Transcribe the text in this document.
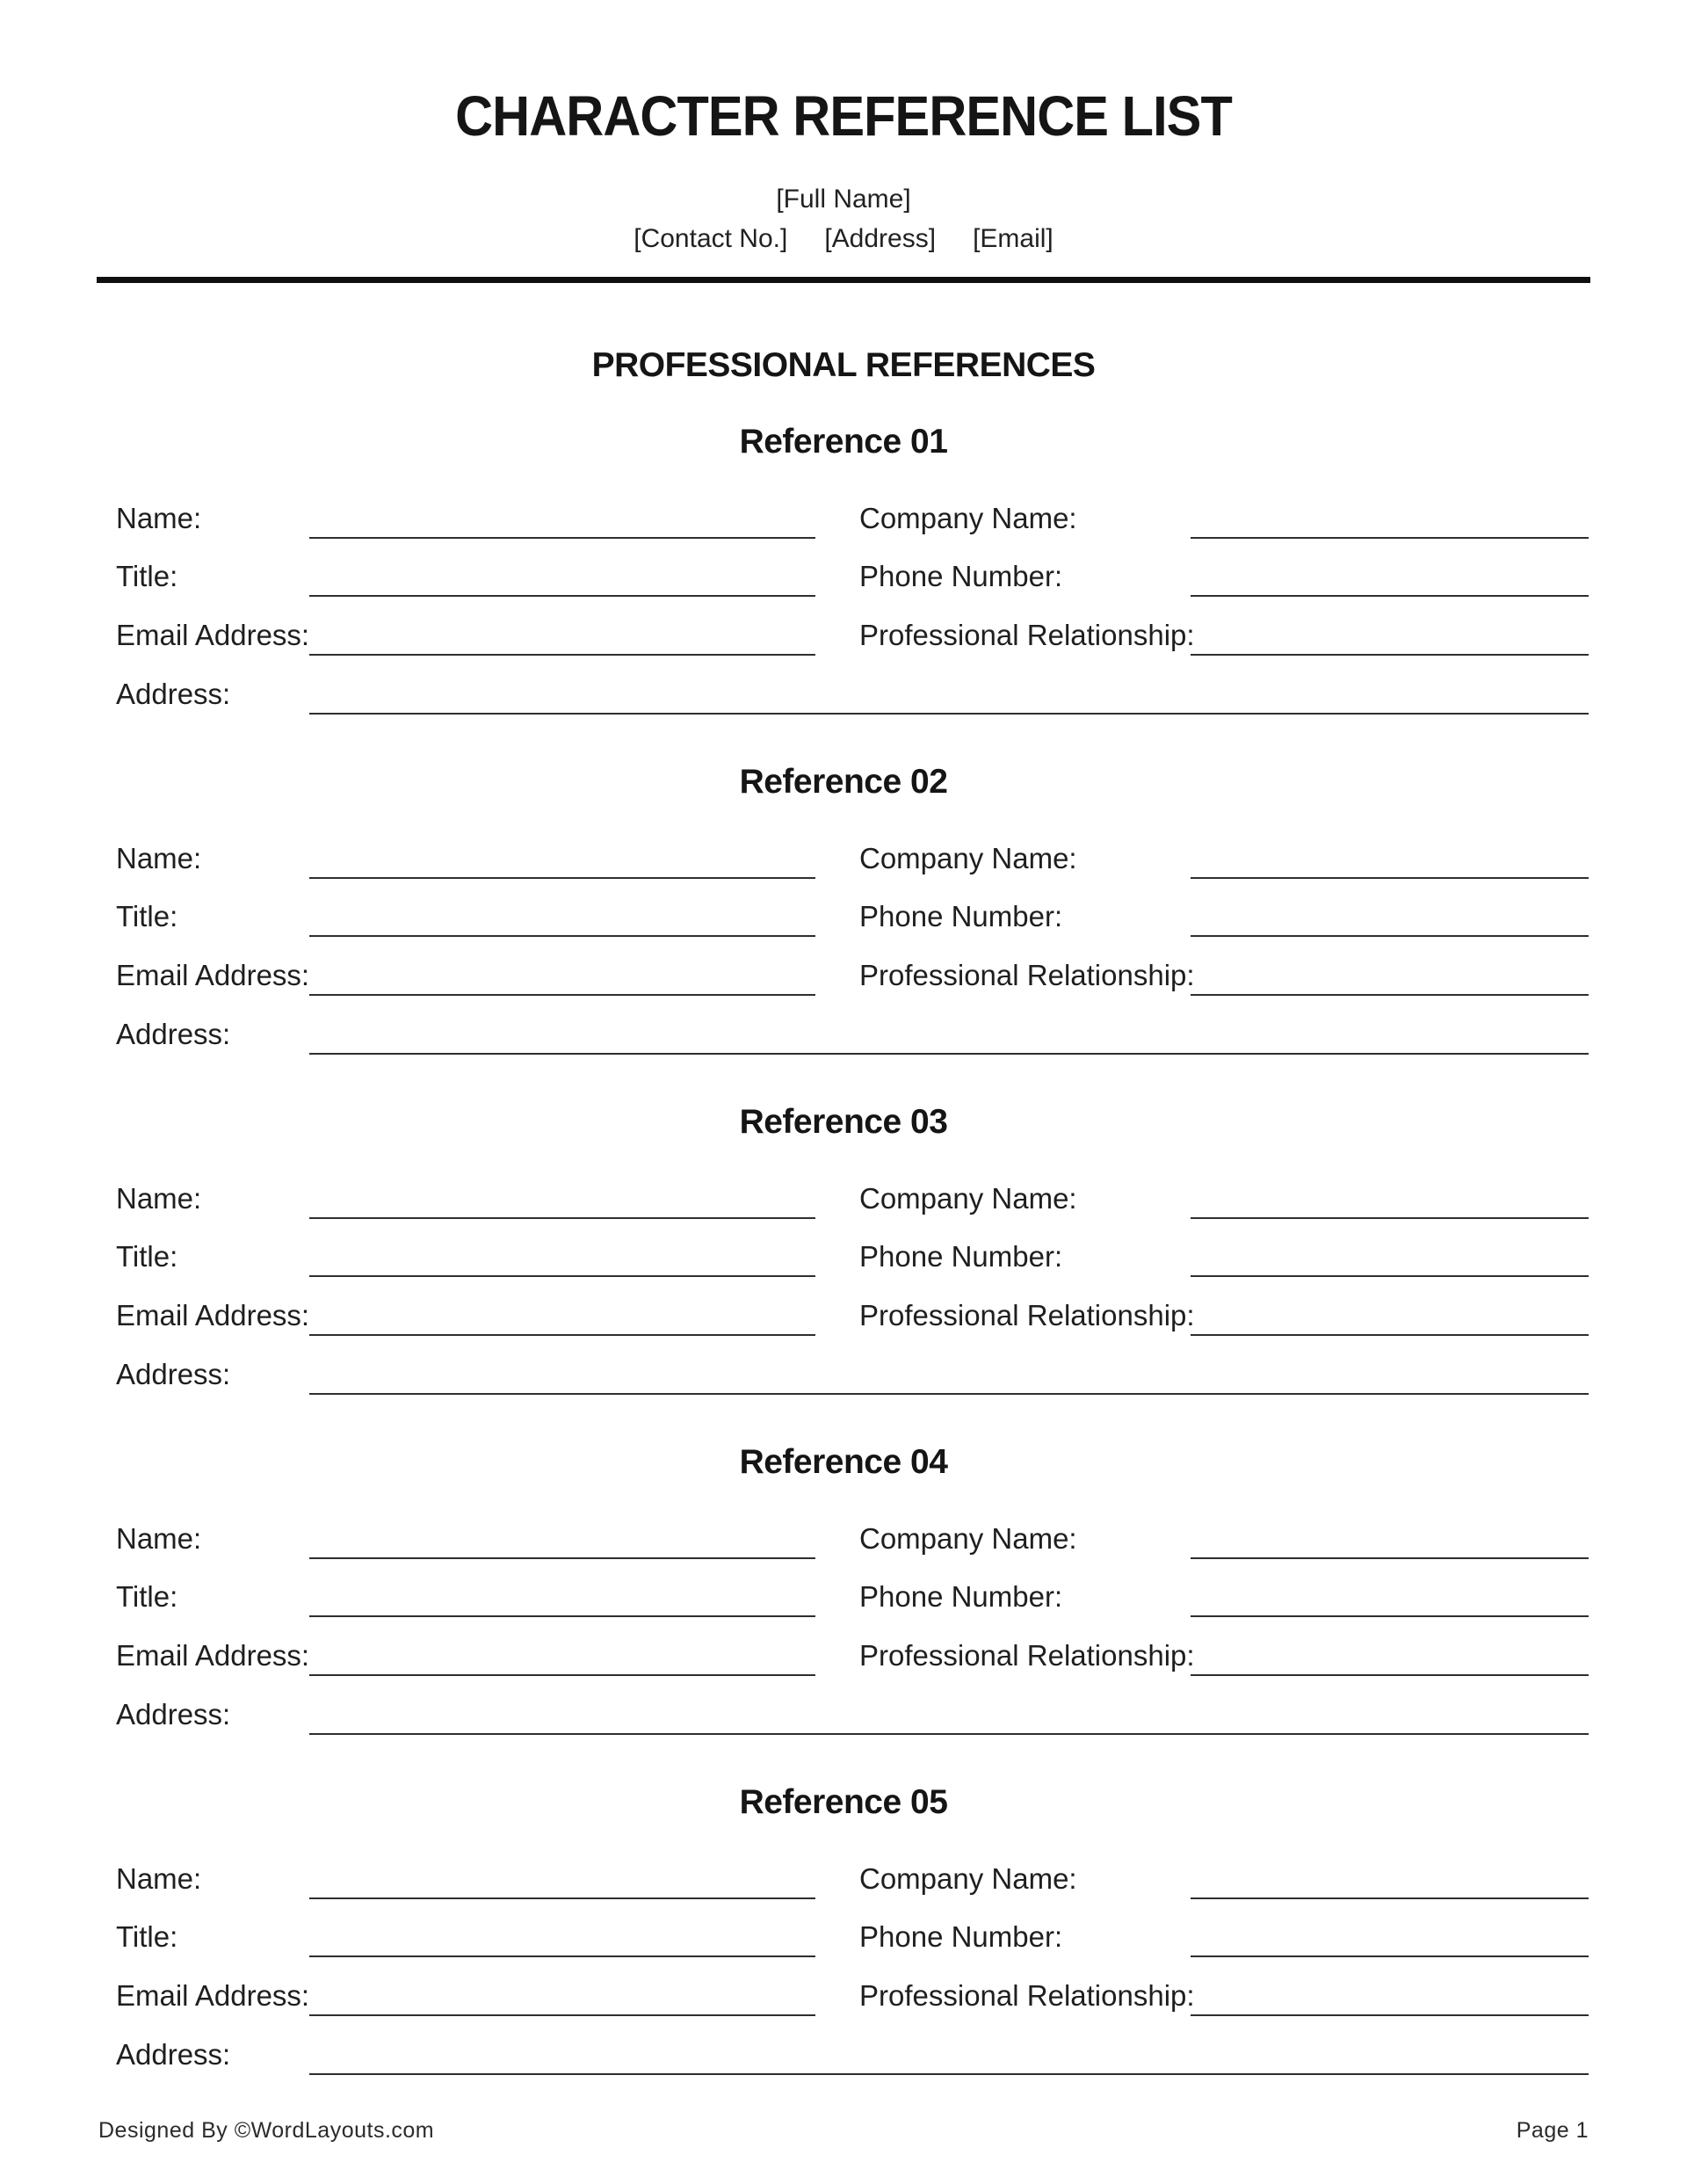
CHARACTER REFERENCE LIST
[Full Name]
[Contact No.] [Address] [Email]
PROFESSIONAL REFERENCES
Reference 01
Name:	Company Name:
Title:	Phone Number:
Email Address:	Professional Relationship:
Address:
Reference 02
Name:	Company Name:
Title:	Phone Number:
Email Address:	Professional Relationship:
Address:
Reference 03
Name:	Company Name:
Title:	Phone Number:
Email Address:	Professional Relationship:
Address:
Reference 04
Name:	Company Name:
Title:	Phone Number:
Email Address:	Professional Relationship:
Address:
Reference 05
Name:	Company Name:
Title:	Phone Number:
Email Address:	Professional Relationship:
Address:
Designed By ©WordLayouts.com	Page 1
